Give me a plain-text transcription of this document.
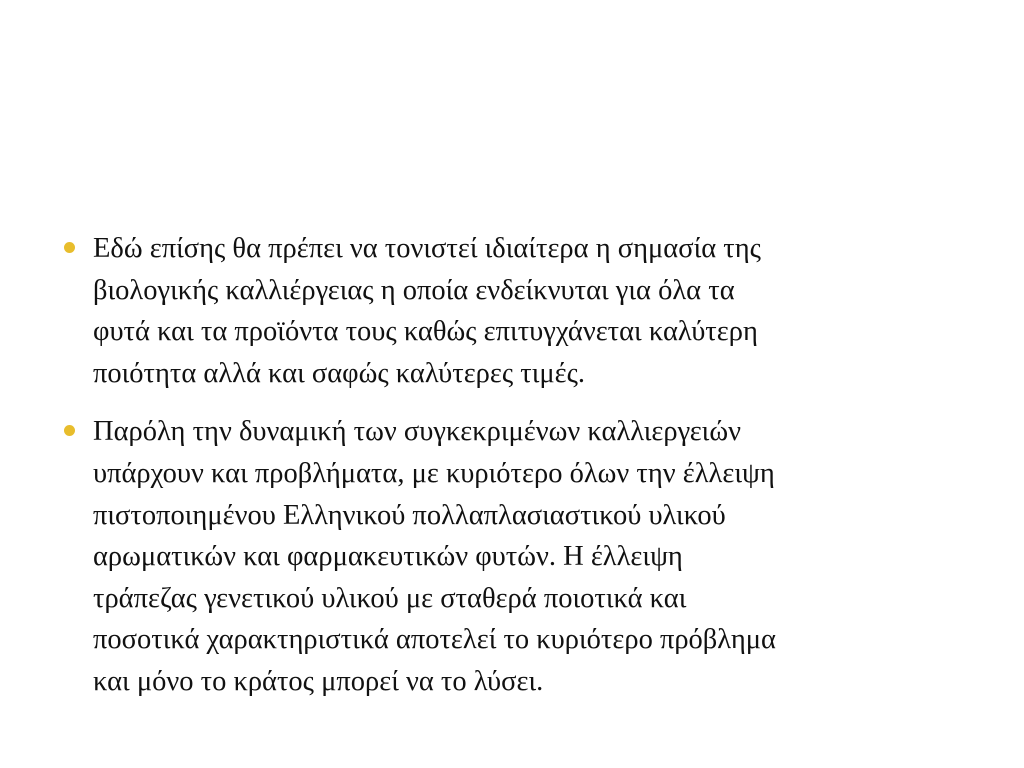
Εδώ επίσης θα πρέπει να τονιστεί ιδιαίτερα η σημασία της
βιολογικής καλλιέργειας η οποία ενδείκνυται για όλα τα
φυτά και τα προϊόντα τους καθώς επιτυγχάνεται καλύτερη
ποιότητα αλλά και σαφώς καλύτερες τιμές.
Παρόλη την δυναμική των συγκεκριμένων καλλιεργειών
υπάρχουν και προβλήματα, με κυριότερο όλων την έλλειψη
πιστοποιημένου Ελληνικού πολλαπλασιαστικού υλικού
αρωματικών και φαρμακευτικών φυτών. Η έλλειψη
τράπεζας γενετικού υλικού με σταθερά ποιοτικά και
ποσοτικά χαρακτηριστικά αποτελεί το κυριότερο πρόβλημα
και μόνο το κράτος μπορεί να το λύσει.
